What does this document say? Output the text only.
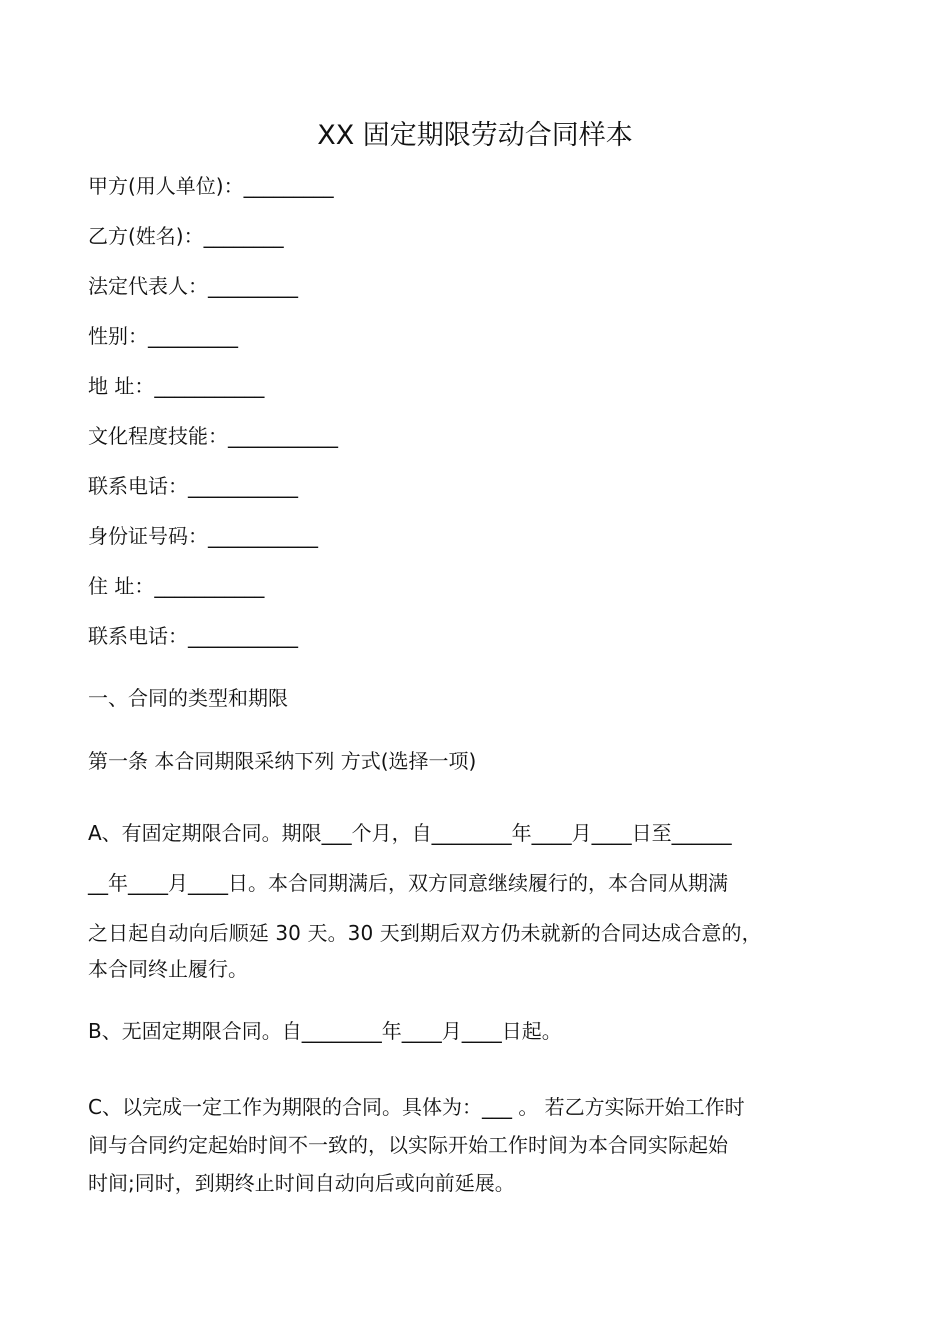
XX 固定期限劳动合同样本
甲方(用人单位)：_________
乙方(姓名)：________
法定代表人：_________
性别：_________
地 址：___________
文化程度技能：___________
联系电话：___________
身份证号码：___________
住 址：___________
联系电话：___________
一、合同的类型和期限
第一条 本合同期限采纳下列 方式(选择一项)
A、有固定期限合同。期限___个月，自________年____月____日至______
__年____月____日。本合同期满后，双方同意继续履行的，本合同从期满
之日起自动向后顺延 30 天。30 天到期后双方仍未就新的合同达成合意的，
本合同终止履行。
B、无固定期限合同。自________年____月____日起。
C、以完成一定工作为期限的合同。具体为：___ 。 若乙方实际开始工作时
间与合同约定起始时间不一致的，以实际开始工作时间为本合同实际起始
时间;同时，到期终止时间自动向后或向前延展。
